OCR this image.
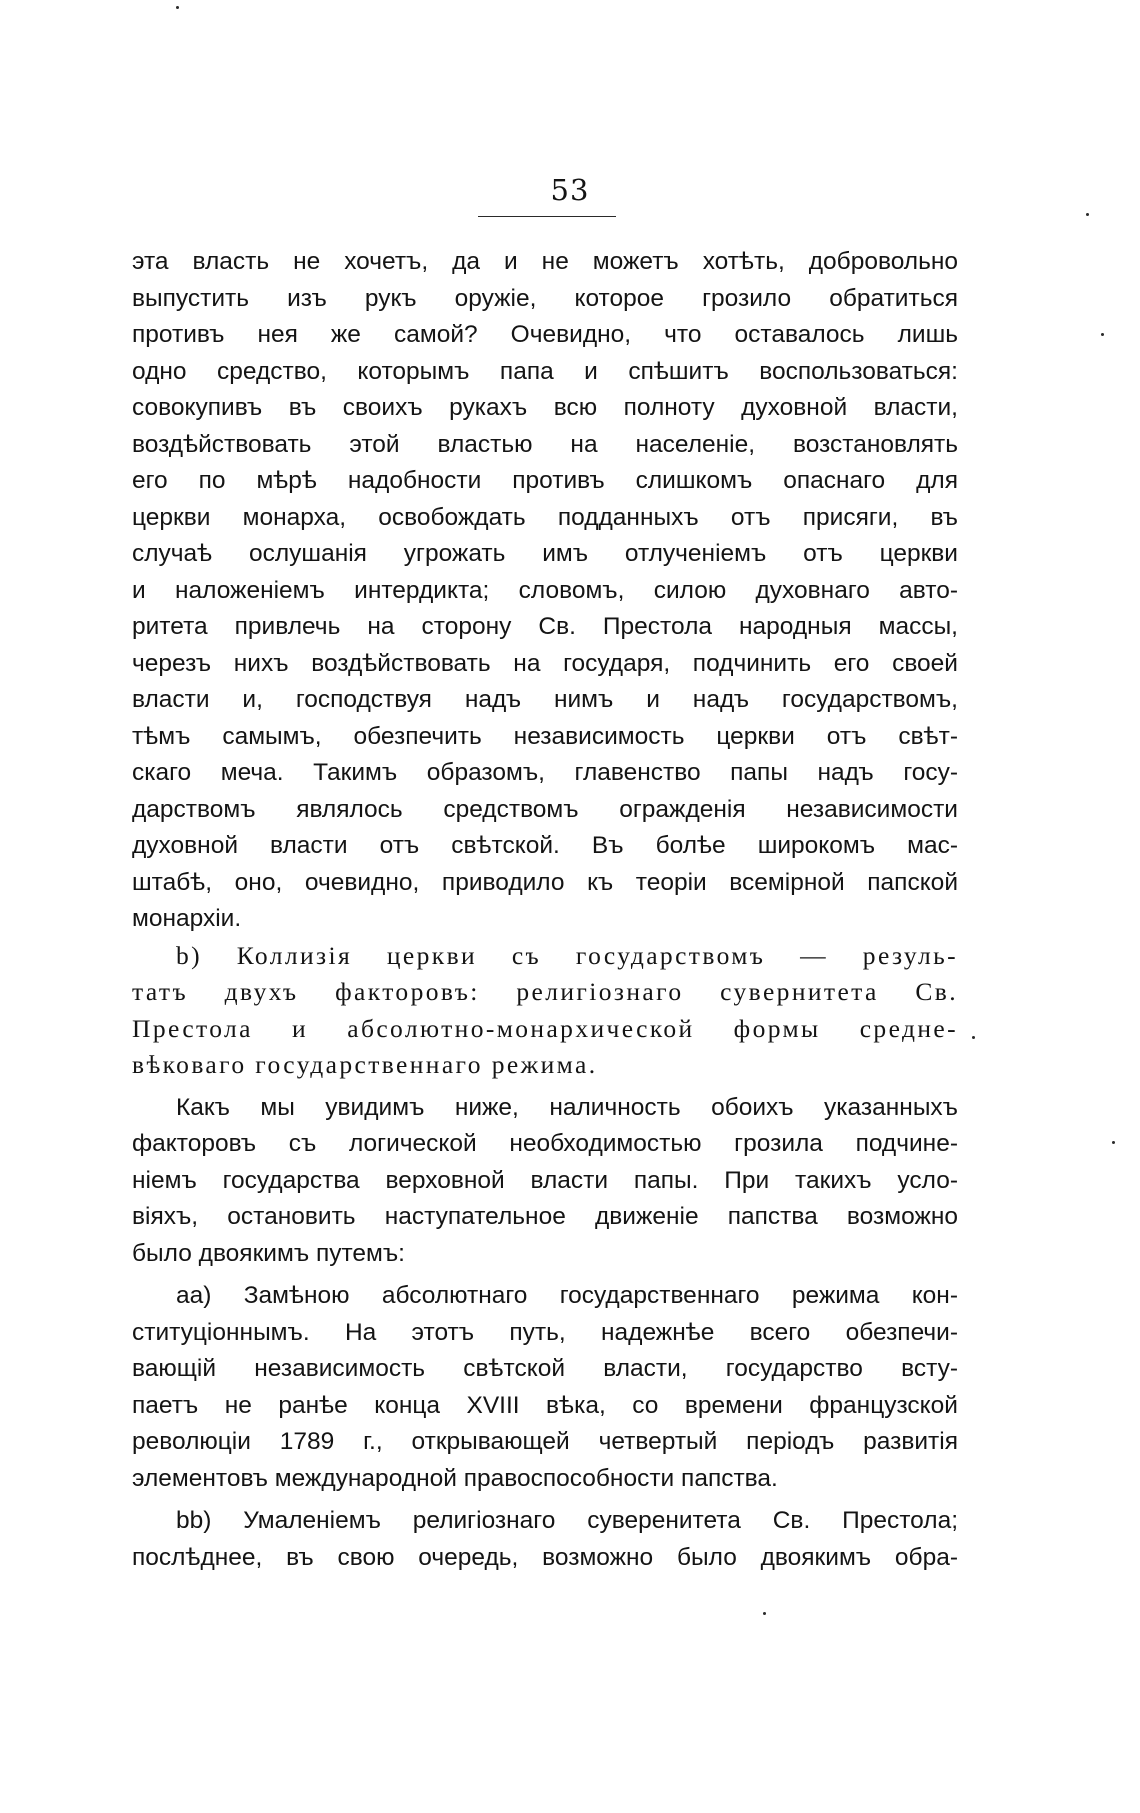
53
эта власть не хочетъ, да и не можетъ хотѣть, добровольно
выпустить изъ рукъ оружіе, которое грозило обратиться
противъ нея же самой? Очевидно, что оставалось лишь
одно средство, которымъ папа и спѣшитъ воспользоваться:
совокупивъ въ своихъ рукахъ всю полноту духовной власти,
воздѣйствовать этой властью на населеніе, возстановлять
его по мѣрѣ надобности противъ слишкомъ опаснаго для
церкви монарха, освобождать подданныхъ отъ присяги, въ
случаѣ ослушанія угрожать имъ отлученіемъ отъ церкви
и наложеніемъ интердикта; словомъ, силою духовнаго авто-
ритета привлечь на сторону Св. Престола народныя массы,
черезъ нихъ воздѣйствовать на государя, подчинить его своей
власти и, господствуя надъ нимъ и надъ государствомъ,
тѣмъ самымъ, обезпечить независимость церкви отъ свѣт-
скаго меча. Такимъ образомъ, главенство папы надъ госу-
дарствомъ являлось средствомъ огражденія независимости
духовной власти отъ свѣтской. Въ болѣе широкомъ мас-
штабѣ, оно, очевидно, приводило къ теоріи всемірной папской
монархіи.
b) Коллизія церкви съ государствомъ — резуль-
татъ двухъ факторовъ: религіознаго сувернитета Св.
Престола и абсолютно-монархической формы средне-
вѣковаго государственнаго режима.
Какъ мы увидимъ ниже, наличность обоихъ указанныхъ
факторовъ съ логической необходимостью грозила подчине-
ніемъ государства верховной власти папы. При такихъ усло-
віяхъ, остановить наступательное движеніе папства возможно
было двоякимъ путемъ:
аа) Замѣною абсолютнаго государственнаго режима кон-
ституціоннымъ. На этотъ путь, надежнѣе всего обезпечи-
вающій независимость свѣтской власти, государство всту-
паетъ не ранѣе конца XVIII вѣка, со времени французской
революціи 1789 г., открывающей четвертый періодъ развитія
элементовъ международной правоспособности папства.
bb) Умаленіемъ религіознаго суверенитета Св. Престола;
послѣднее, въ свою очередь, возможно было двоякимъ обра-
